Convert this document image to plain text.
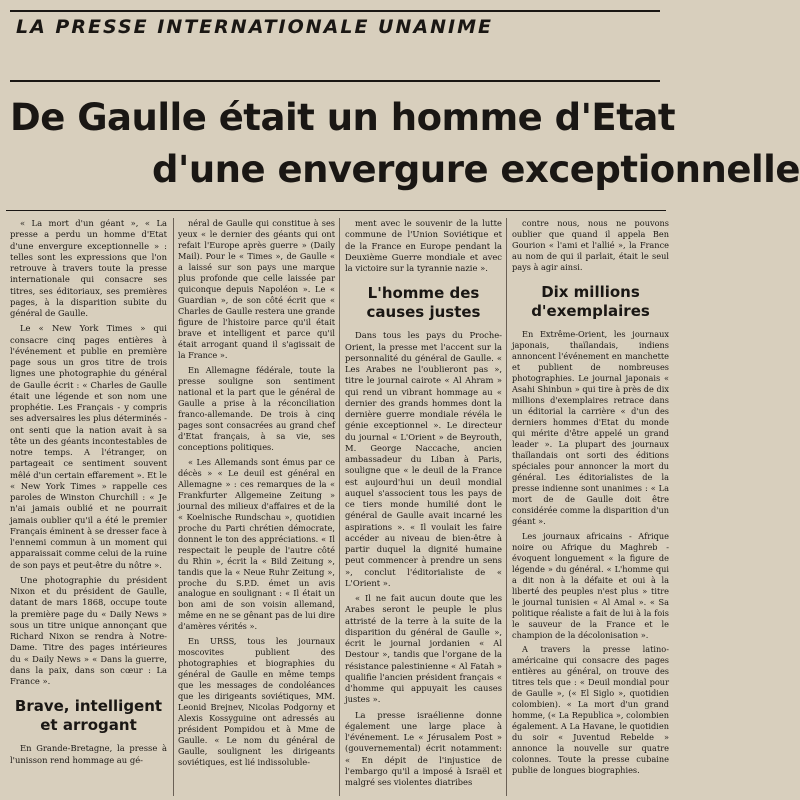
LA PRESSE INTERNATIONALE UNANIME
De Gaulle était un homme d'Etat
d'une envergure exceptionnelle

« La mort d'un géant », « La presse a perdu un homme d'Etat d'une envergure exceptionnelle » : telles sont les expressions que l'on retrouve à travers toute la presse internationale qui consacre ses titres, ses éditoriaux, ses premières pages, à la disparition subite du général de Gaulle.

Le « New York Times » qui consacre cinq pages entières à l'événement et publie en première page sous un gros titre de trois lignes une photographie du général de Gaulle écrit : « Charles de Gaulle était une légende et son nom une prophétie. Les Français - y compris ses adversaires les plus déterminés - ont senti que la nation avait à sa tête un des géants incontestables de notre temps. A l'étranger, on partageait ce sentiment souvent mêlé d'un certain effarement ». Et le « New York Times » rappelle ces paroles de Winston Churchill : « Je n'ai jamais oublié et ne pourrait jamais oublier qu'il a été le premier Français éminent à se dresser face à l'ennemi commun à un moment qui apparaissait comme celui de la ruine de son pays et peut-être du nôtre ».

Une photographie du président Nixon et du président de Gaulle, datant de mars 1868, occupe toute la première page du « Daily News » sous un titre unique annonçant que Richard Nixon se rendra à Notre-Dame. Titre des pages intérieures du « Daily News » « Dans la guerre, dans la paix, dans son cœur : La France ».

Brave, intelligent et arrogant

En Grande-Bretagne, la presse à l'unisson rend hommage au gé-

néral de Gaulle qui constitue à ses yeux « le dernier des géants qui ont refait l'Europe après guerre » (Daily Mail). Pour le « Times », de Gaulle « a laissé sur son pays une marque plus profonde que celle laissée par quiconque depuis Napoléon ». Le « Guardian », de son côté écrit que « Charles de Gaulle restera une grande figure de l'histoire parce qu'il était brave et intelligent et parce qu'il était arrogant quand il s'agissait de la France ».

En Allemagne fédérale, toute la presse souligne son sentiment national et la part que le général de Gaulle a prise à la réconciliation franco-allemande. De trois à cinq pages sont consacrées au grand chef d'Etat français, à sa vie, ses conceptions politiques.

« Les Allemands sont émus par ce décès » « Le deuil est général en Allemagne » : ces remarques de la « Frankfurter Allgemeine Zeitung » journal des milieux d'affaires et de la « Koelnische Rundschau », quotidien proche du Parti chrétien démocrate, donnent le ton des appréciations. « Il respectait le peuple de l'autre côté du Rhin », écrit la « Bild Zeitung », tandis que la « Neue Ruhr Zeitung », proche du S.P.D. émet un avis analogue en soulignant : « Il était un bon ami de son voisin allemand, même en ne se gênant pas de lui dire d'amères vérités ».

En URSS, tous les journaux moscovites publient des photographies et biographies du général de Gaulle en même temps que les messages de condoléances que les dirigeants soviétiques, MM. Leonid Brejnev, Nicolas Podgorny et Alexis Kossyguine ont adressés au président Pompidou et à Mme de Gaulle. « Le nom du général de Gaulle, soulignent les dirigeants soviétiques, est lié indissoluble-

ment avec le souvenir de la lutte commune de l'Union Soviétique et de la France en Europe pendant la Deuxième Guerre mondiale et avec la victoire sur la tyrannie nazie ».

L'homme des causes justes

Dans tous les pays du Proche-Orient, la presse met l'accent sur la personnalité du général de Gaulle. « Les Arabes ne l'oublieront pas », titre le journal cairote « Al Ahram » qui rend un vibrant hommage au « dernier des grands hommes dont la dernière guerre mondiale révéla le génie exceptionnel ». Le directeur du journal « L'Orient » de Beyrouth, M. George Naccache, ancien ambassadeur du Liban à Paris, souligne que « le deuil de la France est aujourd'hui un deuil mondial auquel s'associent tous les pays de ce tiers monde humilié dont le général de Gaulle avait incarné les aspirations ». « Il voulait les faire accéder au niveau de bien-être à partir duquel la dignité humaine peut commencer à prendre un sens », conclut l'éditorialiste de « L'Orient ».

« Il ne fait aucun doute que les Arabes seront le peuple le plus attristé de la terre à la suite de la disparition du général de Gaulle », écrit le journal jordanien « Al Destour », tandis que l'organe de la résistance palestinienne « Al Fatah » qualifie l'ancien président français « d'homme qui appuyait les causes justes ».

La presse israélienne donne également une large place à l'événement. Le « Jérusalem Post » (gouvernemental) écrit notamment: « En dépit de l'injustice de l'embargo qu'il a imposé à Israël et malgré ses violentes diatribes

contre nous, nous ne pouvons oublier que quand il appela Ben Gourion « l'ami et l'allié », la France au nom de qui il parlait, était le seul pays à agir ainsi.

Dix millions d'exemplaires

En Extrême-Orient, les journaux japonais, thaïlandais, indiens annoncent l'événement en manchette et publient de nombreuses photographies. Le journal japonais « Asahi Shinbun » qui tire à près de dix millions d'exemplaires retrace dans un éditorial la carrière « d'un des derniers hommes d'Etat du monde qui mérite d'être appelé un grand leader ». La plupart des journaux thaïlandais ont sorti des éditions spéciales pour annoncer la mort du général. Les éditorialistes de la presse indienne sont unanimes : « La mort de de Gaulle doit être considérée comme la disparition d'un géant ».

Les journaux africains - Afrique noire ou Afrique du Maghreb - évoquent longuement « la figure de légende » du général. « L'homme qui a dit non à la défaite et oui à la liberté des peuples n'est plus » titre le journal tunisien « Al Amal ». « Sa politique réaliste a fait de lui à la fois le sauveur de la France et le champion de la décolonisation ».

A travers la presse latino-américaine qui consacre des pages entières au général, on trouve des titres tels que : « Deuil mondial pour de Gaulle », (« El Siglo », quotidien colombien). « La mort d'un grand homme, (« La Republica », colombien également. A La Havane, le quotidien du soir « Juventud Rebelde » annonce la nouvelle sur quatre colonnes. Toute la presse cubaine publie de longues biographies.
